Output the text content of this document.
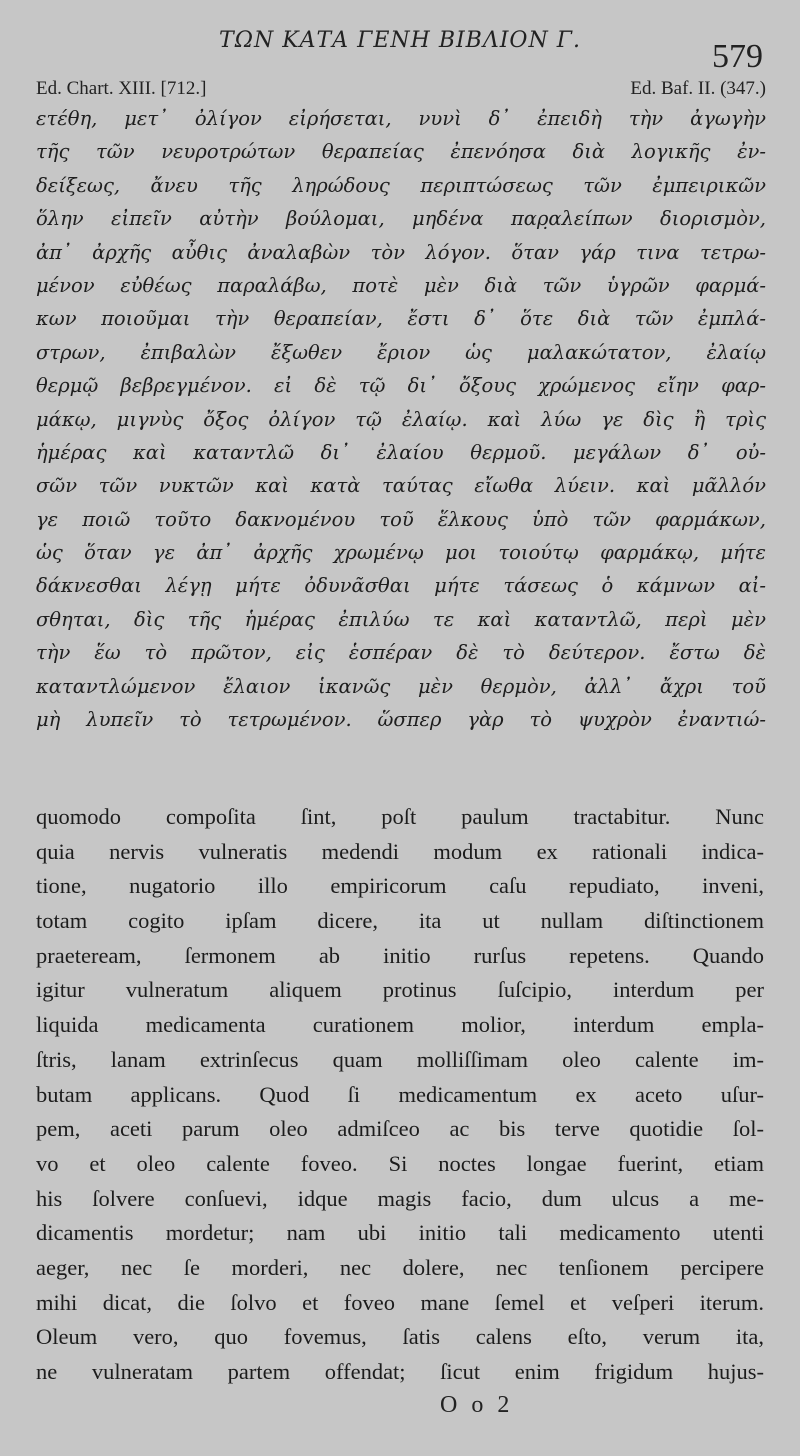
ΤΩΝ ΚΑΤΑ ΓΕΝΗ ΒΙΒΛΙΟΝ Γ.	579
Ed. Chart. XIII. [712.]	Ed. Baf. II. (347.)
ετέθη, μετ᾽ ὀλίγον εἰρήσεται, νυνὶ δ᾽ ἐπειδὴ τὴν ἀγωγὴν
τῆς τῶν νευροτρώτων θεραπείας ἐπενόησα διὰ λογικῆς ἐν-
δείξεως, ἄνευ τῆς ληρώδους περιπτώσεως τῶν ἐμπειρικῶν
ὅλην εἰπεῖν αὐτὴν βούλομαι, μηδένα παρ̣αλείπων διορισμὸν,
ἀπ᾽ ἀρχῆς αὖθις ἀναλαβὼν τὸν λόγον. ὅταν γάρ τινα τετρω-
μένον εὐθέως παραλάβω, ποτὲ μὲν διὰ τῶν ὑγρῶν φαρμά-
κων ποιοῦμαι τὴν θεραπείαν, ἔστι δ᾽ ὅτε διὰ τῶν ἐμπλά-
στρων, ἐπιβαλὼν ἔξωθεν ἔριον ὡς μαλακώτατον, ἐλαίῳ
θερμῷ βεβρεγμένον. εἰ δὲ τῷ δι᾽ ὄξους χρώμενος εἴην φαρ-
μάκῳ, μιγνὺς ὄξος ὀλίγον τῷ ἐλαίῳ. καὶ λύω γε δὶς ἢ τρὶς
ἡμέρας καὶ καταντλῶ δι᾽ ἐλαίου θερμοῦ. μεγάλων δ᾽ οὐ-
σῶν τῶν νυκτῶν καὶ κατὰ ταύτας εἴωθα λύειν. καὶ μᾶλλόν
γε ποιῶ τοῦτο δακνομένου τοῦ ἕλκους ὑπὸ τῶν φαρμάκων,
ὡς ὅταν γε ἀπ᾽ ἀρχῆς χρωμένῳ μοι τοιούτῳ φαρμάκῳ, μήτε
δάκνεσθαι λέγῃ μήτε ὀδυνᾶσθαι μήτε τάσεως ὁ κάμνων αἰ-
σθηται, δὶς τῆς ἡμέρας ἐπιλύω τε καὶ καταντλῶ, περὶ μὲν
τὴν ἕω τὸ πρῶτον, εἰς ἑσπέραν δὲ τὸ δεύτερον. ἔστω δὲ
καταντλώμενον ἔλαιον ἱκανῶς μὲν θερμὸν, ἀλλ᾽ ἄχρι τοῦ
μὴ λυπεῖν τὸ τετρωμένον. ὥσπερ γὰρ τὸ ψυχρὸν ἐναντιώ-
quomodo compoſita ſint, poſt paulum tractabitur. Nunc
quia nervis vulneratis medendi modum ex rationali indica-
tione, nugatorio illo empiricorum caſu repudiato, inveni,
totam cogito ipſam dicere, ita ut nullam diſtinctionem
praeteream, ſermonem ab initio rurſus repetens. Quando
igitur vulneratum aliquem protinus ſuſcipio, interdum per
liquida medicamenta curationem molior, interdum empla-
ſtris, lanam extrinſecus quam molliſſimam oleo calente im-
butam applicans. Quod ſi medicamentum ex aceto uſur-
pem, aceti parum oleo admiſceo ac bis terve quotidie ſol-
vo et oleo calente foveo. Si noctes longae fuerint, etiam
his ſolvere conſuevi, idque magis facio, dum ulcus a me-
dicamentis mordetur; nam ubi initio tali medicamento utenti
aeger, nec ſe morderi, nec dolere, nec tenſionem percipere
mihi dicat, die ſolvo et foveo mane ſemel et veſperi iterum.
Oleum vero, quo fovemus, ſatis calens eſto, verum ita,
ne vulneratam partem offendat; ſicut enim frigidum hujus-
O o 2
